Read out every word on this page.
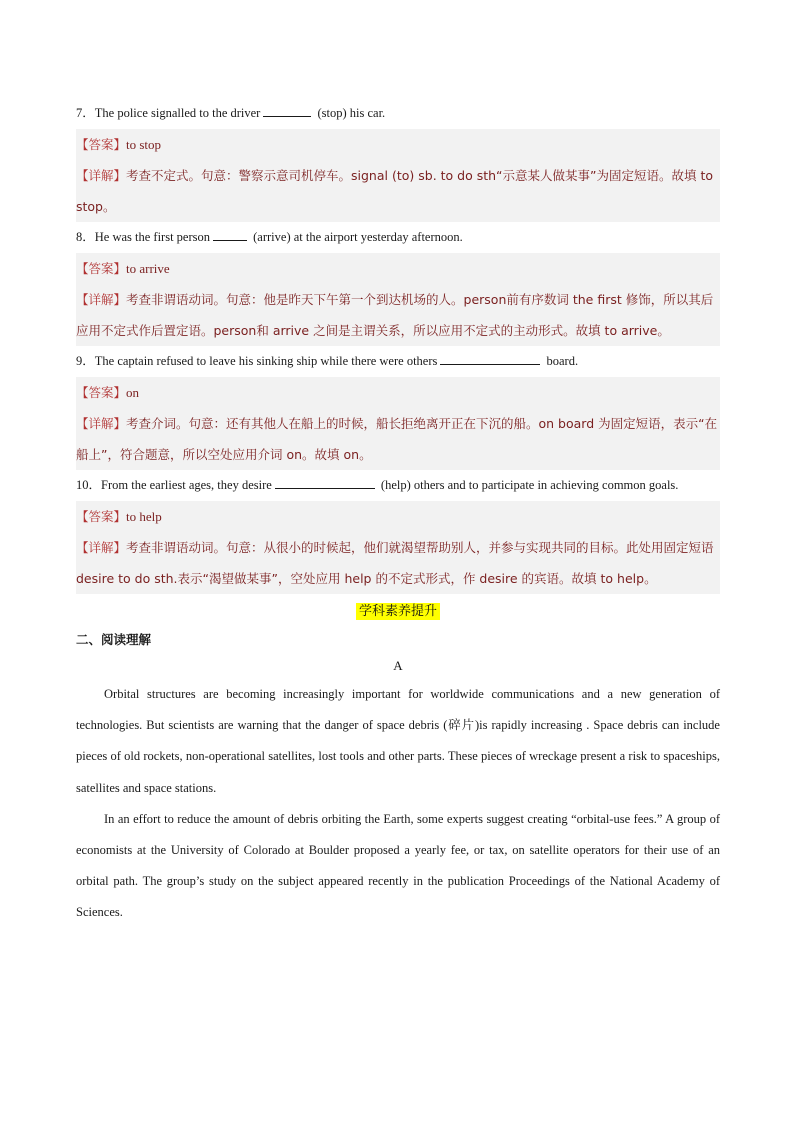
7．The police signalled to the driver	(stop) his car.

【答案】to stop

【详解】考查不定式。句意：警察示意司机停车。signal (to) sb. to do sth“示意某人做某事”为固定短语。故填 to stop。

8．He was the first person	(arrive) at the airport yesterday afternoon.

【答案】to arrive

【详解】考查非谓语动词。句意：他是昨天下午第一个到达机场的人。person前有序数词 the first 修饰，所以其后应用不定式作后置定语。person和 arrive 之间是主谓关系，所以应用不定式的主动形式。故填 to arrive。

9．The captain refused to leave his sinking ship while there were others	board.

【答案】on

【详解】考查介词。句意：还有其他人在船上的时候，船长拒绝离开正在下沉的船。on board 为固定短语，表示“在船上”，符合题意，所以空处应用介词 on。故填 on。

10．From the earliest ages, they desire	(help) others and to participate in achieving common goals.

【答案】to help

【详解】考查非谓语动词。句意：从很小的时候起，他们就渴望帮助别人，并参与实现共同的目标。此处用固定短语 desire to do sth.表示“渴望做某事”，空处应用 help 的不定式形式，作 desire 的宾语。故填 to help。

学科素养提升

二、阅读理解

A

Orbital structures are becoming increasingly important for worldwide communications and a new generation of technologies. But scientists are warning that the danger of space debris (碎片)is rapidly increasing . Space debris can include pieces of old rockets, non-operational satellites, lost tools and other parts. These pieces of wreckage present a risk to spaceships, satellites and space stations.

In an effort to reduce the amount of debris orbiting the Earth, some experts suggest creating “orbital-use fees.” A group of economists at the University of Colorado at Boulder proposed a yearly fee, or tax, on satellite operators for their use of an orbital path. The group’s study on the subject appeared recently in the publication Proceedings of the National Academy of Sciences.
